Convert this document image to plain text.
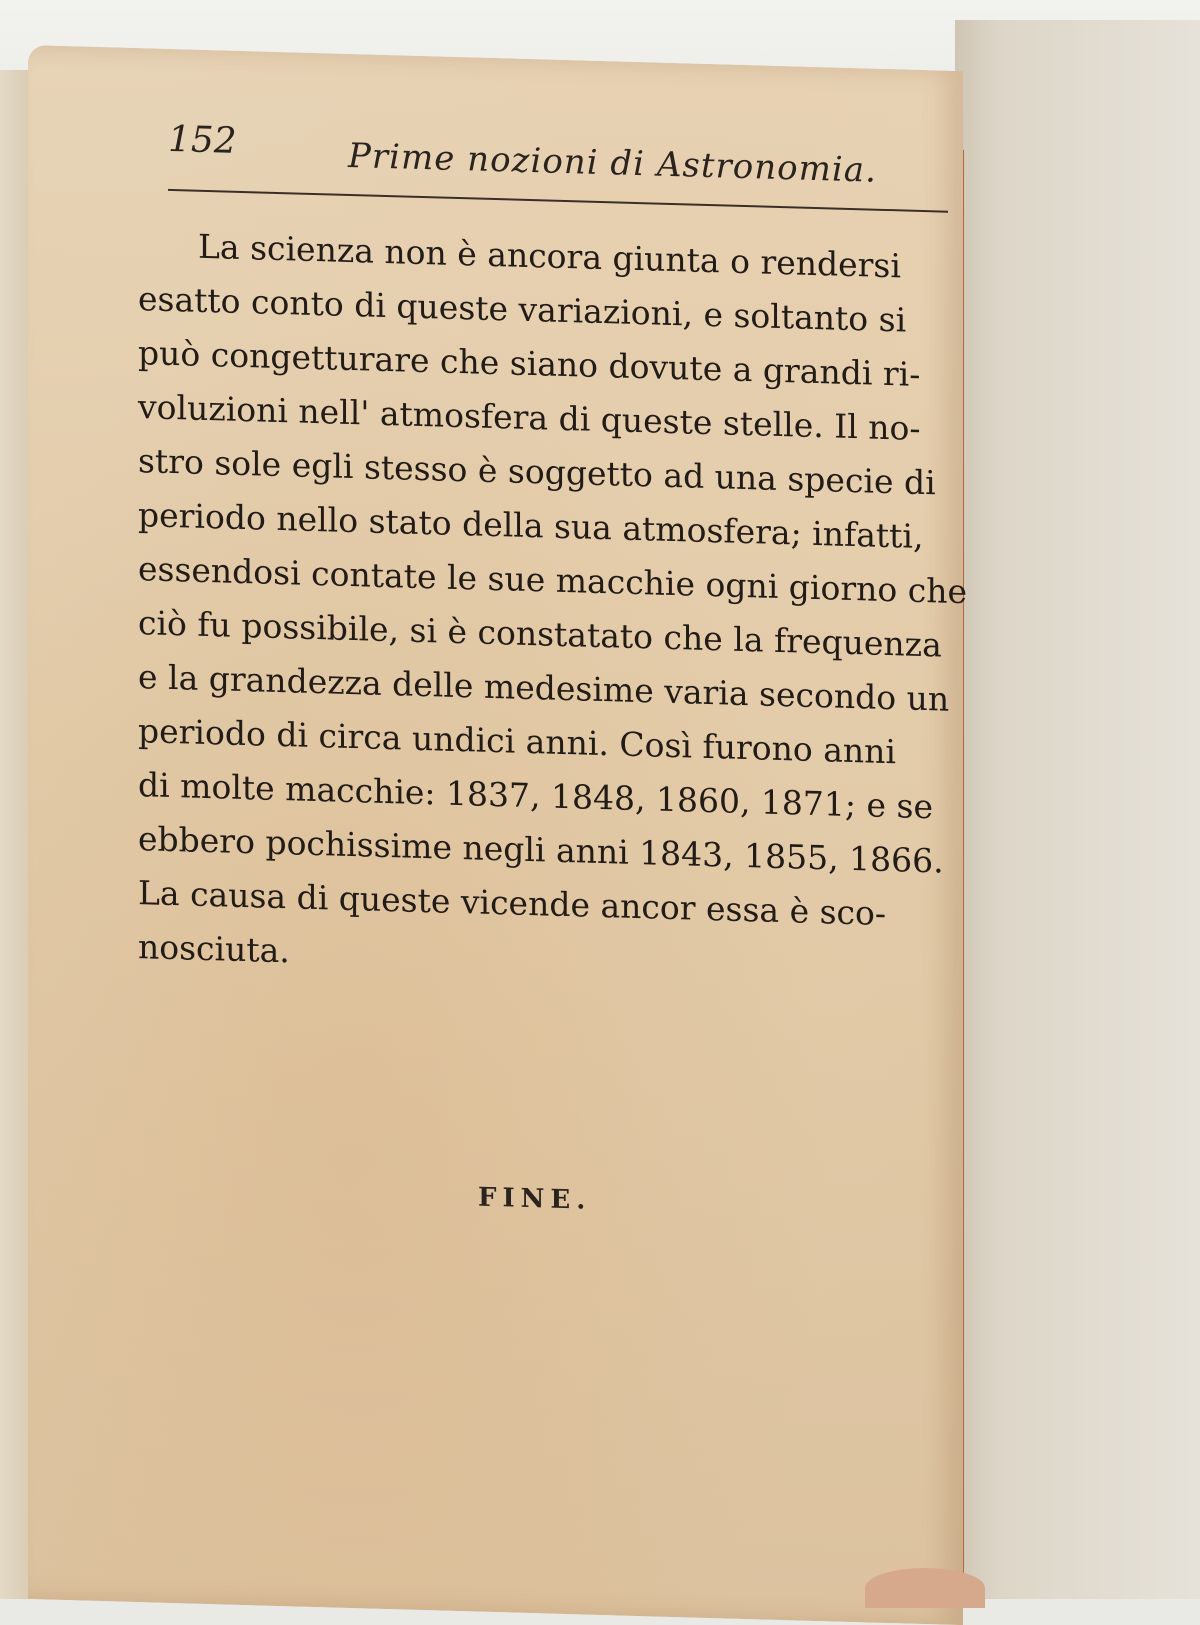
152	Prime nozioni di Astronomia.
La scienza non è ancora giunta o rendersi
esatto conto di queste variazioni, e soltanto si
può congetturare che siano dovute a grandi ri-
voluzioni nell' atmosfera di queste stelle. Il no-
stro sole egli stesso è soggetto ad una specie di
periodo nello stato della sua atmosfera; infatti,
essendosi contate le sue macchie ogni giorno che
ciò fu possibile, si è constatato che la frequenza
e la grandezza delle medesime varia secondo un
periodo di circa undici anni. Così furono anni
di molte macchie: 1837, 1848, 1860, 1871; e se
ebbero pochissime negli anni 1843, 1855, 1866.
La causa di queste vicende ancor essa è sco-
nosciuta.
FINE.
